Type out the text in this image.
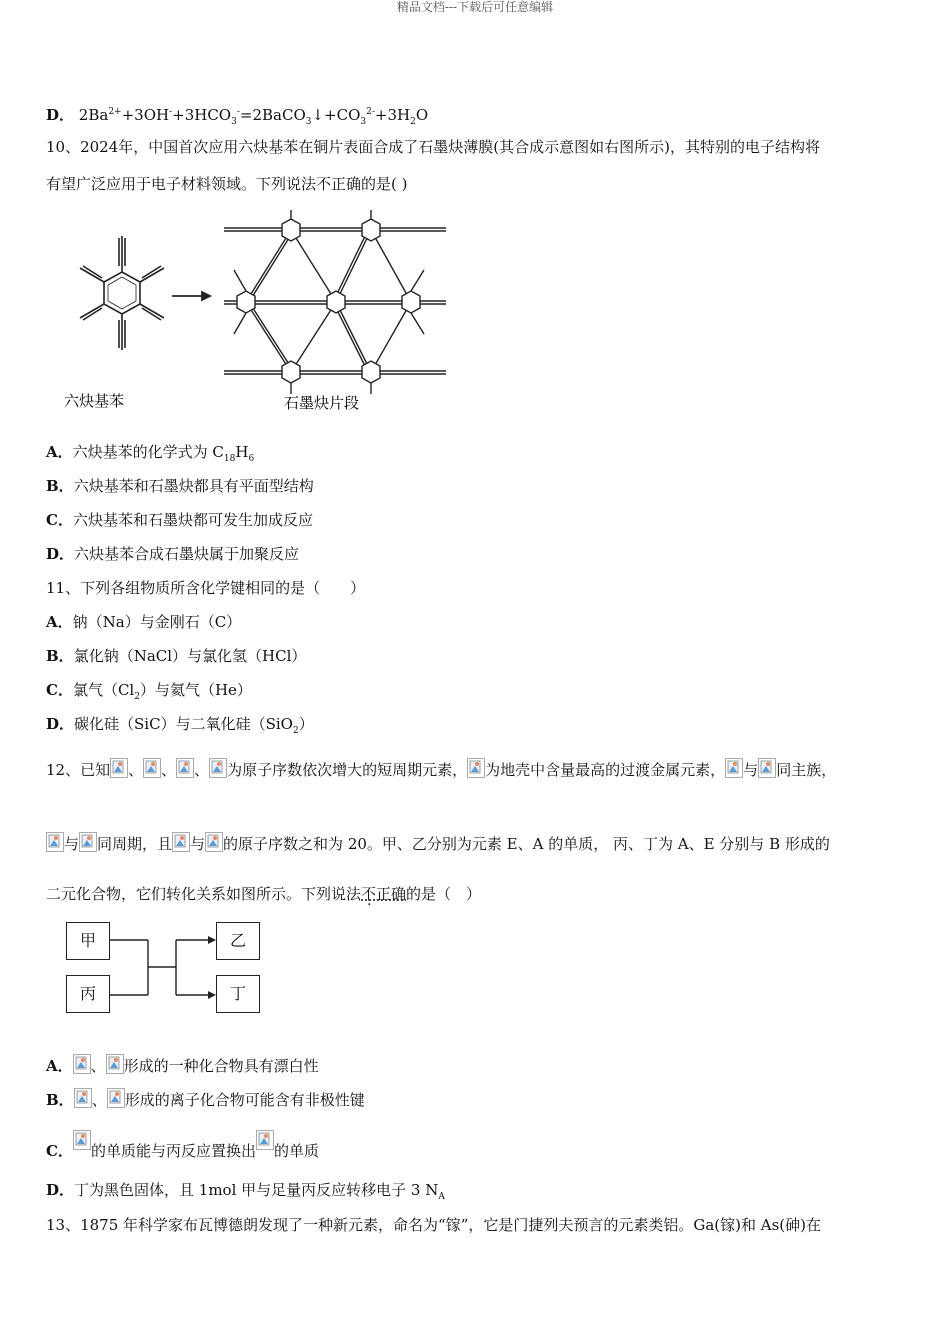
精品文档---下载后可任意编辑
D． $2Ba^{2+}+3OH^-+3HCO_3^-=2BaCO_3↓+CO_3^{2-}+3H_2O$
10、2024年，中国首次应用六炔基苯在铜片表面合成了石墨炔薄膜(其合成示意图如右图所示)，其特别的电子结构将
有望广泛应用于电子材料领域。下列说法不正确的是( )
六炔基苯	石墨炔片段
A．六炔基苯的化学式为 $C_{18}H_6$
B．六炔基苯和石墨炔都具有平面型结构
C．六炔基苯和石墨炔都可发生加成反应
D．六炔基苯合成石墨炔属于加聚反应
11、下列各组物质所含化学键相同的是（　　）
A．钠（Na）与金刚石（C）
B．氯化钠（NaCl）与氯化氢（HCl）
C．氯气$(Cl_2)$与氦气（He）
D．碳化硅（SiC）与二氧化硅（SiO$_2$）
12、已知 、 、 、 为原子序数依次增大的短周期元素， 为地壳中含量最高的过渡金属元素， 与 同主族，
与 同周期，且 与 的原子序数之和为 20。甲、乙分别为元素 E、A 的单质， 丙、丁为 A、E 分别与 B 形成的
二元化合物，它们转化关系如图所示。下列说法不正确的是（　）
甲
丙
乙
丁
A． 、 形成的一种化合物具有漂白性
B． 、 形成的离子化合物可能含有非极性键
C． 的单质能与丙反应置换出 的单质
D．丁为黑色固体，且 1mol 甲与足量丙反应转移电子 3 $N_A$
13、1875 年科学家布瓦博德朗发现了一种新元素，命名为“镓”，它是门捷列夫预言的元素类铝。Ga(镓)和 As(砷)在
